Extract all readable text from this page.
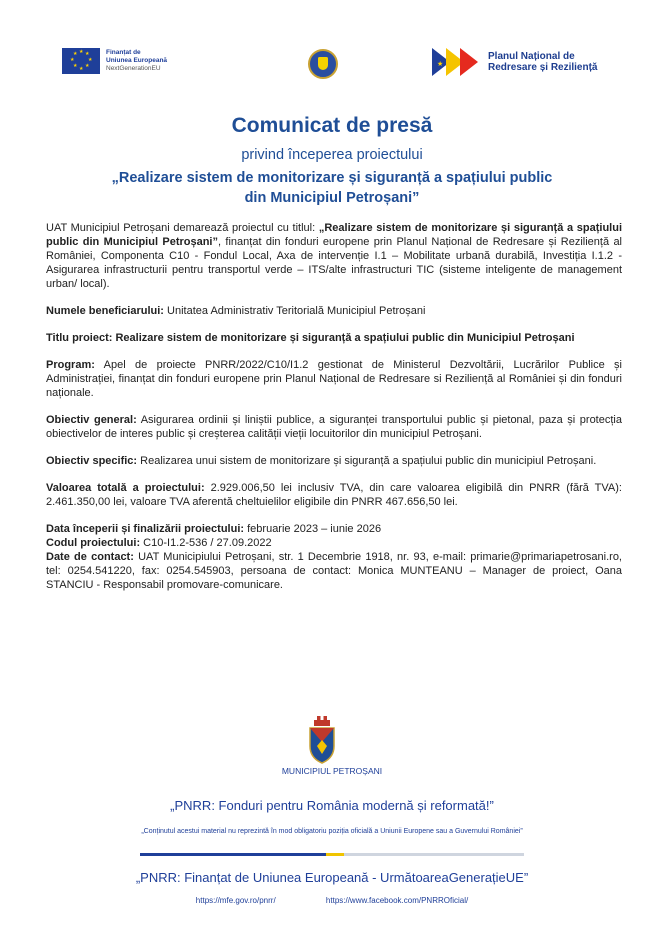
★ ★
★
★
★
★
★
★	Finanțat de
Uniunea Europeană
NextGenerationEU
★
Planul Național de
Redresare și Reziliență
Comunicat de presă
privind începerea proiectului
„Realizare sistem de monitorizare și siguranță a spațiului public din Municipiul Petroșani”

UAT Municipiul Petroșani demarează proiectul cu titlul: „Realizare sistem de monitorizare și siguranță a spațiului public din Municipiul Petroșani”, finanțat din fonduri europene prin Planul Național de Redresare și Reziliență al României, Componenta C10 - Fondul Local, Axa de intervenție I.1 – Mobilitate urbană durabilă, Investiția I.1.2 - Asigurarea infrastructurii pentru transportul verde – ITS/alte infrastructuri TIC (sisteme inteligente de management urban/ local).

Numele beneficiarului: Unitatea Administrativ Teritorială Municipiul Petroșani

Titlu proiect: Realizare sistem de monitorizare și siguranță a spațiului public din Municipiul Petroșani

Program: Apel de proiecte PNRR/2022/C10/I1.2 gestionat de Ministerul Dezvoltării, Lucrărilor Publice și Administrației, finanțat din fonduri europene prin Planul Național de Redresare si Reziliență al României și din fonduri naționale.

Obiectiv general: Asigurarea ordinii și liniștii publice, a siguranței transportului public și pietonal, paza și protecția obiectivelor de interes public și creșterea calității vieții locuitorilor din municipiul Petroșani.

Obiectiv specific: Realizarea unui sistem de monitorizare și siguranță a spațiului public din municipiul Petroșani.

Valoarea totală a proiectului: 2.929.006,50 lei inclusiv TVA, din care valoarea eligibilă din PNRR (fără TVA): 2.461.350,00 lei, valoare TVA aferentă cheltuielilor eligibile din PNRR 467.656,50 lei.

Data începerii și finalizării proiectului: februarie 2023 – iunie 2026

Codul proiectului: C10-I1.2-536 / 27.09.2022

Date de contact: UAT Municipiului Petroșani, str. 1 Decembrie 1918, nr. 93, e-mail: primarie@primariapetrosani.ro, tel: 0254.541220, fax: 0254.545903, persoana de contact: Monica MUNTEANU – Manager de proiect, Oana STANCIU - Responsabil promovare-comunicare.

MUNICIPIUL PETROȘANI
„PNRR: Fonduri pentru România modernă și reformată!”
„Conținutul acestui material nu reprezintă în mod obligatoriu poziția oficială a Uniunii Europene sau a Guvernului României”
„PNRR: Finanțat de Uniunea Europeană - UrmătoareaGenerațieUE”
https://mfe.gov.ro/pnrr/	https://www.facebook.com/PNRROficial/
